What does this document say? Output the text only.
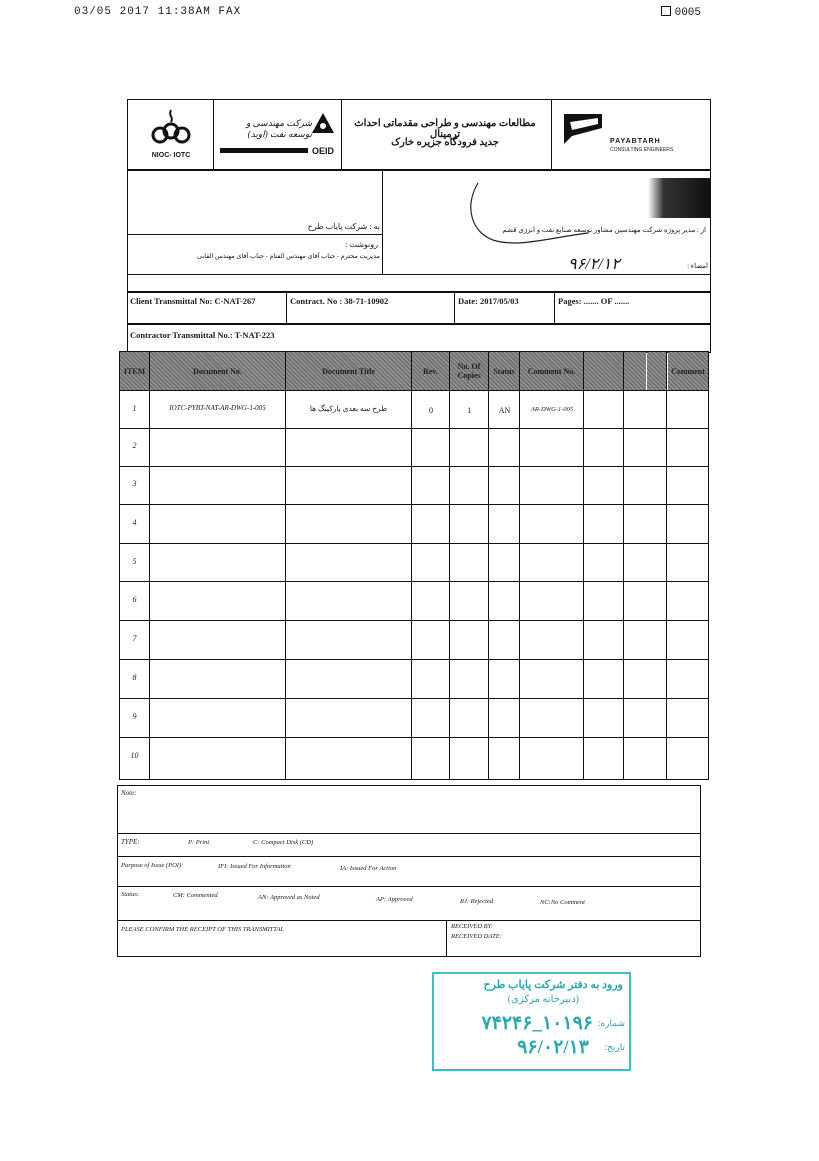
03/05 2017 11:38AM FAX	0005
NIOC- IOTC
شرکت مهندسی و توسعه نفت (اوید)
OEID
مطالعات مهندسی و طراحی مقدماتی احداث ترمینال
جدید فرودگاه جزیره خارک	PAYABTARH
CONSULTING ENGINEERS
به : شرکت پایاب طرح
رونوشت :
مدیریت محترم - جناب آقای مهندس الفتام - جناب آقای مهندس القابی
از : مدیر پروژه شرکت مهندسین مشاور توسعه صنایع نفت و انرژی قشم
امضاء :
۹۶/۲/۱۲
Client Transmittal No: C-NAT-267	Contract. No : 38-71-10902	Date: 2017/05/03	Pages: ....... OF .......
Contractor Transmittal No.: T-NAT-223
ITEM	Document No.	Document Title	Rev.	No. Of Copies	Status	Comment No.	Comment
1	IOTC-PYBT-NAT-AR-DWG-1-005	طرح سه بعدی پارکینگ ها	0	1	AN	AR-DWG-1-005
2
3
4
5
6
7
8
9
10
Note:
TYPE:	P: Print	C: Compact Disk (CD)
Purpose of Issue (POI):	IFI: Issued For Information	IA: Issued For Action
Status:	CM: Commented	AN: Approved as Noted	AP: Approved	RJ: Rejected	NC:No Comment
PLEASE CONFIRM THE RECEIPT OF THIS TRANSMITTAL	RECEIVED BY:
RECEIVED DATE:
ورود به دفتر شرکت پایاب طرح
(دبیرخانه مرکزی)
شماره:
۱۰۱۹۶_۷۴۲۴۶
تاریخ:
۹۶/۰۲/۱۳
